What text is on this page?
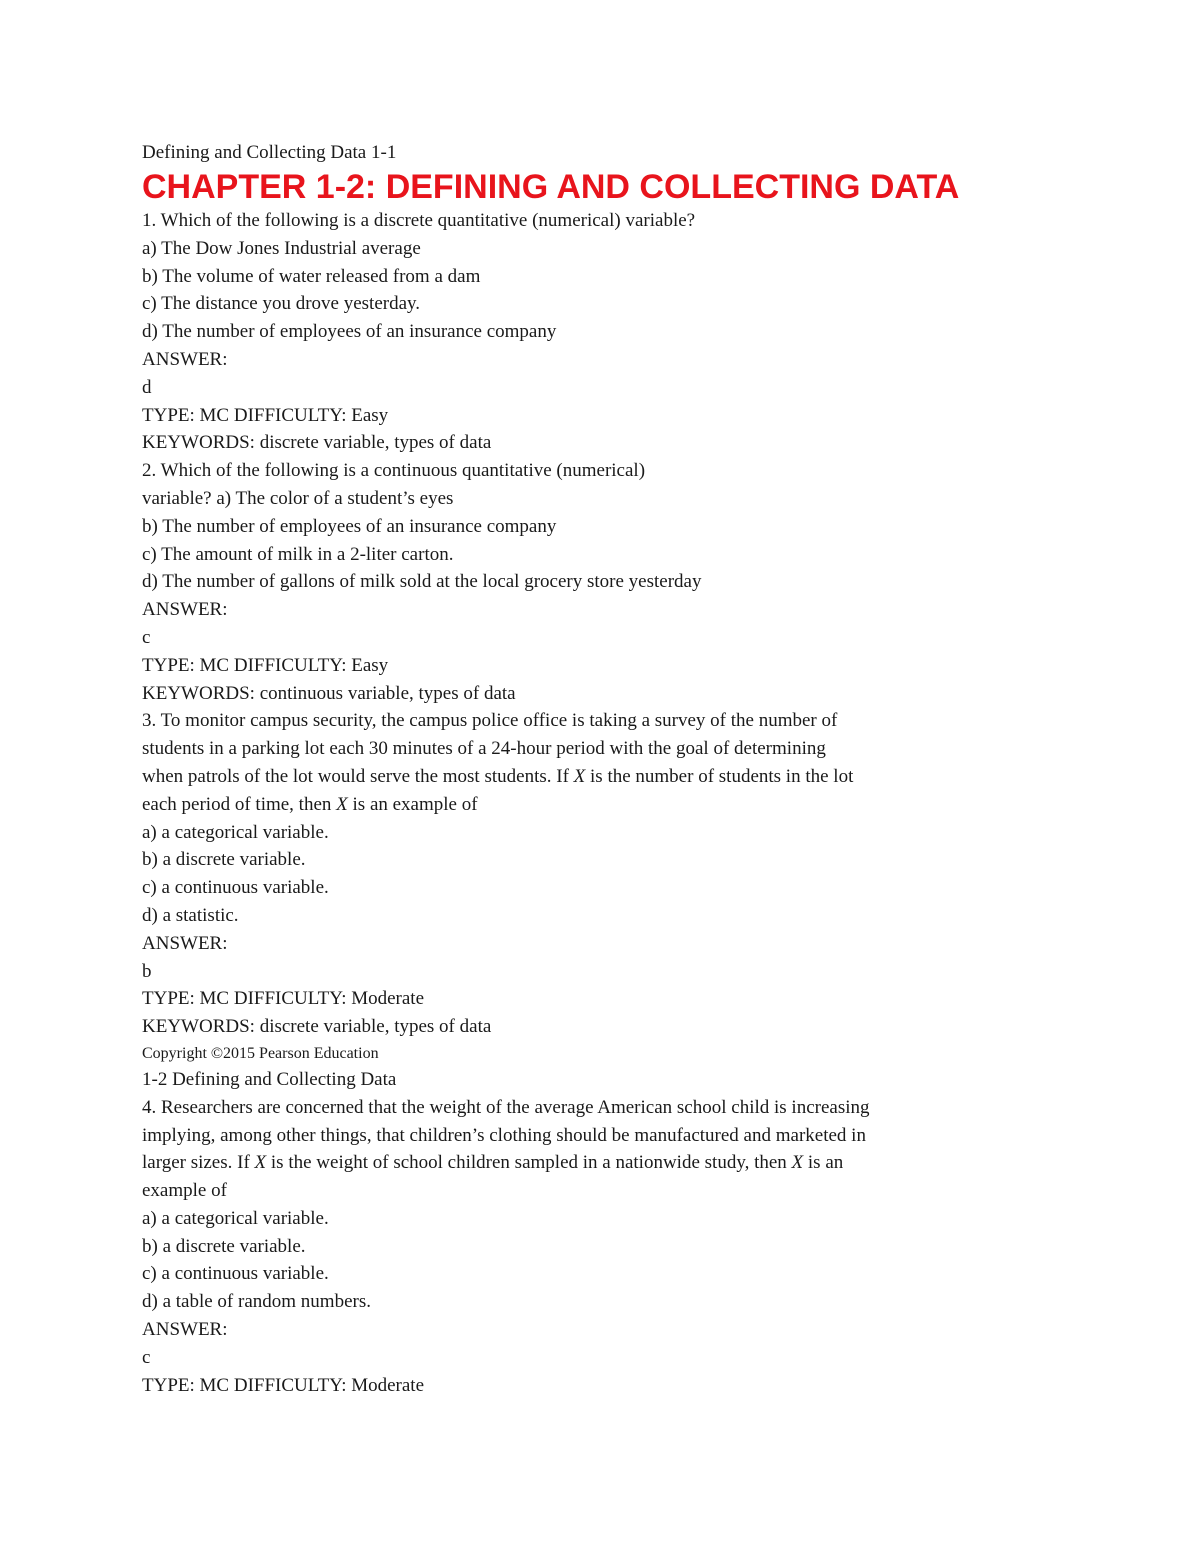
Defining and Collecting Data 1-1
CHAPTER 1-2: DEFINING AND COLLECTING DATA
1. Which of the following is a discrete quantitative (numerical) variable?
a) The Dow Jones Industrial average
b) The volume of water released from a dam
c) The distance you drove yesterday.
d) The number of employees of an insurance company
ANSWER:
d
TYPE: MC DIFFICULTY: Easy
KEYWORDS: discrete variable, types of data
2. Which of the following is a continuous quantitative (numerical)
variable? a) The color of a student’s eyes
b) The number of employees of an insurance company
c) The amount of milk in a 2-liter carton.
d) The number of gallons of milk sold at the local grocery store yesterday
ANSWER:
c
TYPE: MC DIFFICULTY: Easy
KEYWORDS: continuous variable, types of data
3. To monitor campus security, the campus police office is taking a survey of the number of
students in a parking lot each 30 minutes of a 24-hour period with the goal of determining
when patrols of the lot would serve the most students. If X is the number of students in the lot
each period of time, then X is an example of
a) a categorical variable.
b) a discrete variable.
c) a continuous variable.
d) a statistic.
ANSWER:
b
TYPE: MC DIFFICULTY: Moderate
KEYWORDS: discrete variable, types of data
Copyright ©2015 Pearson Education
1-2 Defining and Collecting Data
4. Researchers are concerned that the weight of the average American school child is increasing
implying, among other things, that children’s clothing should be manufactured and marketed in
larger sizes. If X is the weight of school children sampled in a nationwide study, then X is an
example of
a) a categorical variable.
b) a discrete variable.
c) a continuous variable.
d) a table of random numbers.
ANSWER:
c
TYPE: MC DIFFICULTY: Moderate
